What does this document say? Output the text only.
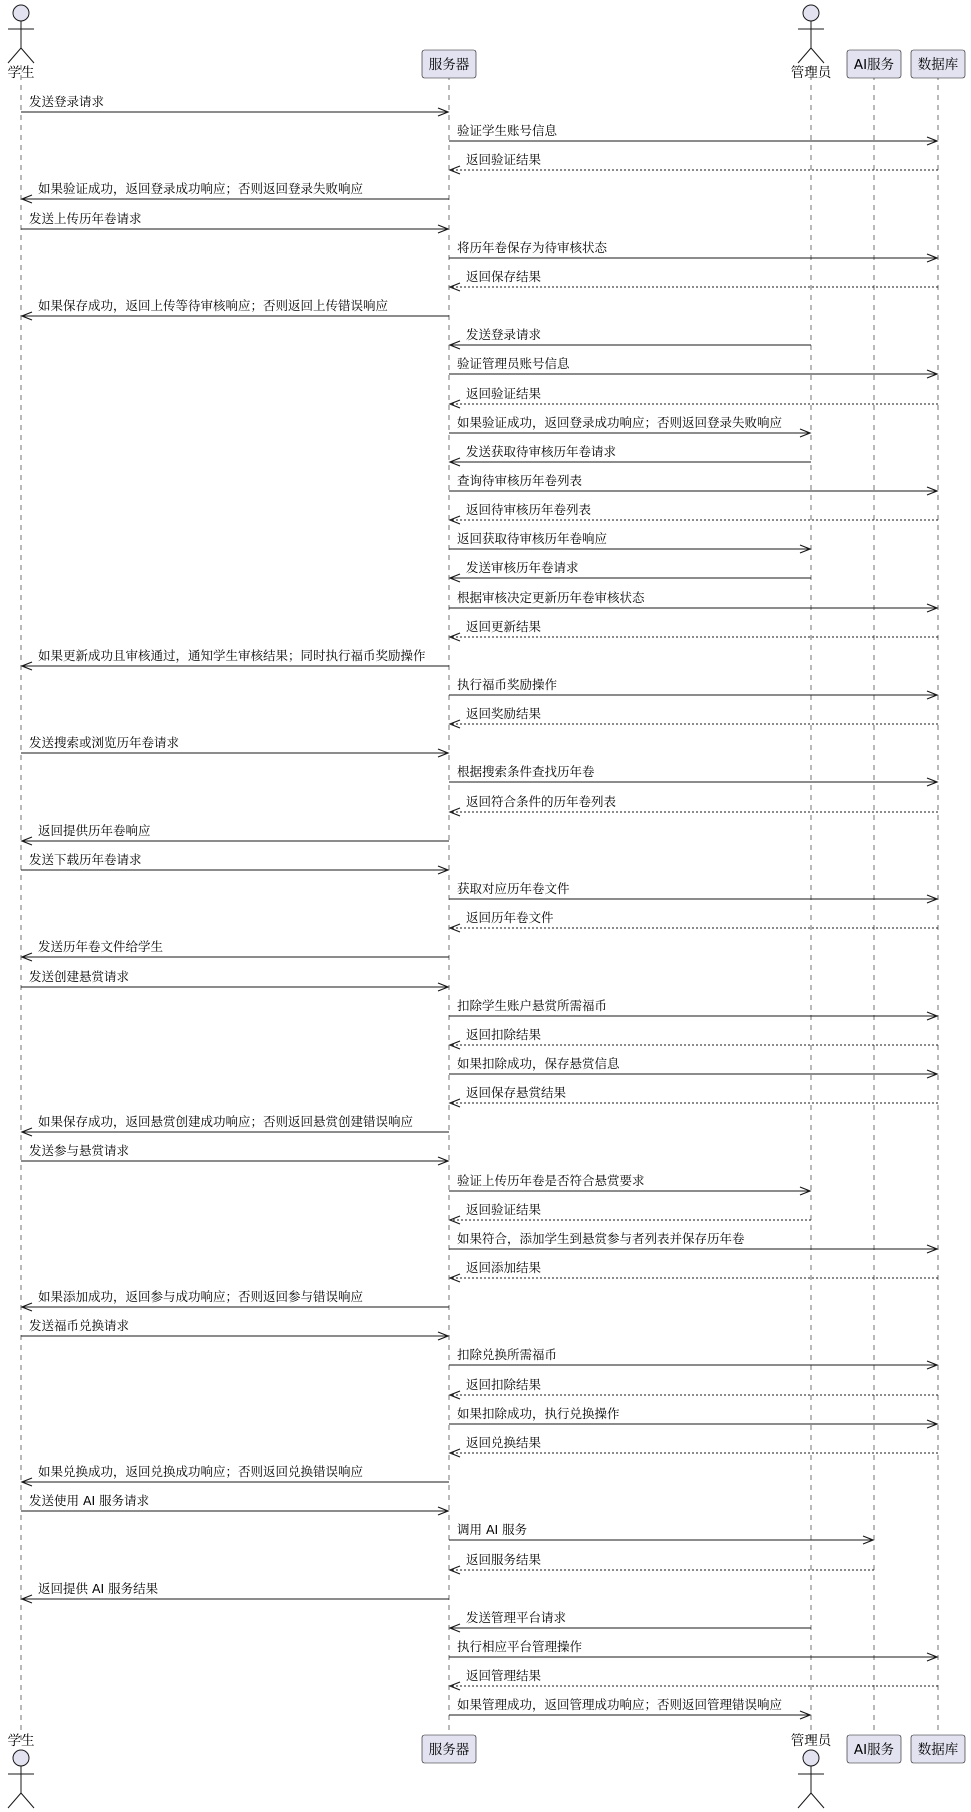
学生
学生
服务器
服务器
管理员
管理员
AI服务
AI服务
数据库
数据库
发送登录请求
验证学生账号信息
返回验证结果
如果验证成功，返回登录成功响应；否则返回登录失败响应
发送上传历年卷请求
将历年卷保存为待审核状态
返回保存结果
如果保存成功，返回上传等待审核响应；否则返回上传错误响应
发送登录请求
验证管理员账号信息
返回验证结果
如果验证成功，返回登录成功响应；否则返回登录失败响应
发送获取待审核历年卷请求
查询待审核历年卷列表
返回待审核历年卷列表
返回获取待审核历年卷响应
发送审核历年卷请求
根据审核决定更新历年卷审核状态
返回更新结果
如果更新成功且审核通过，通知学生审核结果；同时执行福币奖励操作
执行福币奖励操作
返回奖励结果
发送搜索或浏览历年卷请求
根据搜索条件查找历年卷
返回符合条件的历年卷列表
返回提供历年卷响应
发送下载历年卷请求
获取对应历年卷文件
返回历年卷文件
发送历年卷文件给学生
发送创建悬赏请求
扣除学生账户悬赏所需福币
返回扣除结果
如果扣除成功，保存悬赏信息
返回保存悬赏结果
如果保存成功，返回悬赏创建成功响应；否则返回悬赏创建错误响应
发送参与悬赏请求
验证上传历年卷是否符合悬赏要求
返回验证结果
如果符合，添加学生到悬赏参与者列表并保存历年卷
返回添加结果
如果添加成功，返回参与成功响应；否则返回参与错误响应
发送福币兑换请求
扣除兑换所需福币
返回扣除结果
如果扣除成功，执行兑换操作
返回兑换结果
如果兑换成功，返回兑换成功响应；否则返回兑换错误响应
发送使用 AI 服务请求
调用 AI 服务
返回服务结果
返回提供 AI 服务结果
发送管理平台请求
执行相应平台管理操作
返回管理结果
如果管理成功，返回管理成功响应；否则返回管理错误响应
